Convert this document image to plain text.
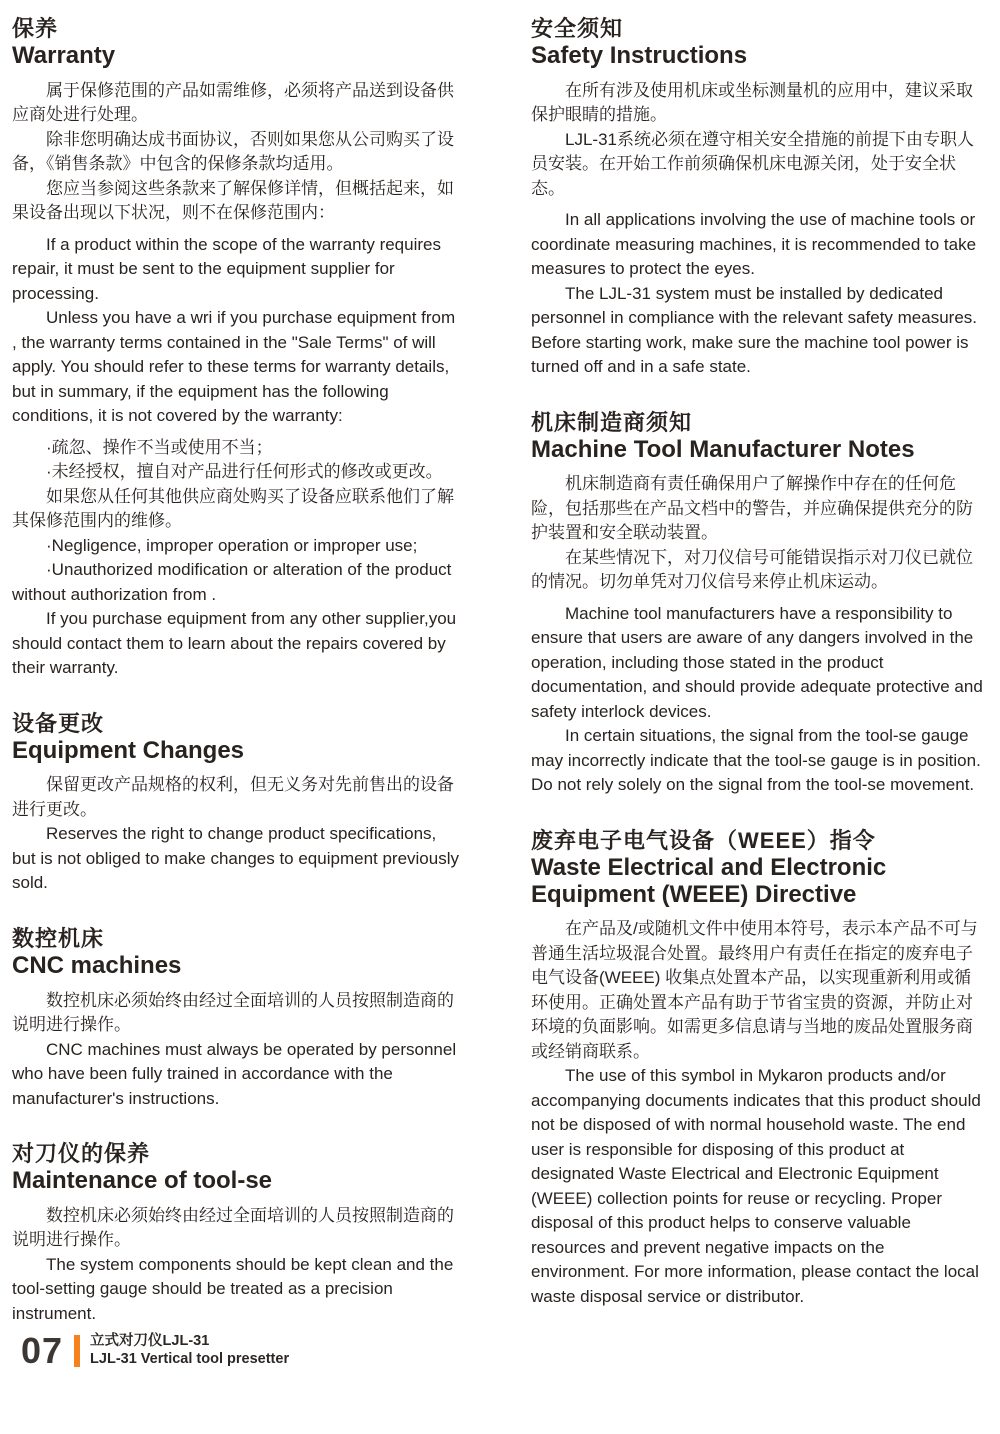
保养
Warranty

属于保修范围的产品如需维修，必须将产品送到设备供应商处进行处理。

除非您明确达成书面协议，否则如果您从公司购买了设备，《销售条款》中包含的保修条款均适用。

您应当参阅这些条款来了解保修详情，但概括起来，如果设备出现以下状况，则不在保修范围内：

If a product within the scope of the warranty requires repair, it must be sent to the equipment supplier for processing.

Unless you have a wri if you purchase equipment from , the warranty terms contained in the "Sale Terms" of will apply. You should refer to these terms for warranty details, but in summary, if the equipment has the following conditions, it is not covered by the warranty:

·疏忽、操作不当或使用不当；

·未经授权，擅自对产品进行任何形式的修改或更改。

如果您从任何其他供应商处购买了设备应联系他们了解其保修范围内的维修。

·Negligence, improper operation or improper use;

·Unauthorized modification or alteration of the product without authorization from .

If you purchase equipment from any other supplier,you should contact them to learn about the repairs covered by their warranty.

设备更改
Equipment Changes

保留更改产品规格的权利，但无义务对先前售出的设备进行更改。

Reserves the right to change product specifications, but is not obliged to make changes to equipment previously sold.

数控机床
CNC machines

数控机床必须始终由经过全面培训的人员按照制造商的说明进行操作。

CNC machines must always be operated by personnel who have been fully trained in accordance with the manufacturer's instructions.

对刀仪的保养
Maintenance of tool-se

数控机床必须始终由经过全面培训的人员按照制造商的说明进行操作。

The system components should be kept clean and the tool-setting gauge should be treated as a precision instrument.

安全须知
Safety Instructions

在所有涉及使用机床或坐标测量机的应用中，建议采取保护眼睛的措施。

LJL-31系统必须在遵守相关安全措施的前提下由专职人员安装。在开始工作前须确保机床电源关闭，处于安全状态。

In all applications involving the use of machine tools or coordinate measuring machines, it is recommended to take measures to protect the eyes.

The LJL-31 system must be installed by dedicated personnel in compliance with the relevant safety measures. Before starting work, make sure the machine tool power is turned off and in a safe state.

机床制造商须知
Machine Tool Manufacturer Notes

机床制造商有责任确保用户了解操作中存在的任何危险，包括那些在产品文档中的警告，并应确保提供充分的防护装置和安全联动装置。

在某些情况下，对刀仪信号可能错误指示对刀仪已就位的情况。切勿单凭对刀仪信号来停止机床运动。

Machine tool manufacturers have a responsibility to ensure that users are aware of any dangers involved in the operation, including those stated in the product documentation, and should provide adequate protective and safety interlock devices.

In certain situations, the signal from the tool-se gauge may incorrectly indicate that the tool-se gauge is in position. Do not rely solely on the signal from the tool-se movement.

废弃电子电气设备（WEEE）指令
Waste Electrical and Electronic Equipment (WEEE) Directive

在产品及/或随机文件中使用本符号，表示本产品不可与普通生活垃圾混合处置。最终用户有责任在指定的废弃电子电气设备(WEEE) 收集点处置本产品，以实现重新利用或循环使用。正确处置本产品有助于节省宝贵的资源，并防止对环境的负面影响。如需更多信息请与当地的废品处置服务商或经销商联系。

The use of this symbol in Mykaron products and/or accompanying documents indicates that this product should not be disposed of with normal household waste. The end user is responsible for disposing of this product at designated Waste Electrical and Electronic Equipment (WEEE) collection points for reuse or recycling. Proper disposal of this product helps to conserve valuable resources and prevent negative impacts on the environment. For more information, please contact the local waste disposal service or distributor.

07 立式对刀仪LJL-31
LJL-31 Vertical tool presetter
